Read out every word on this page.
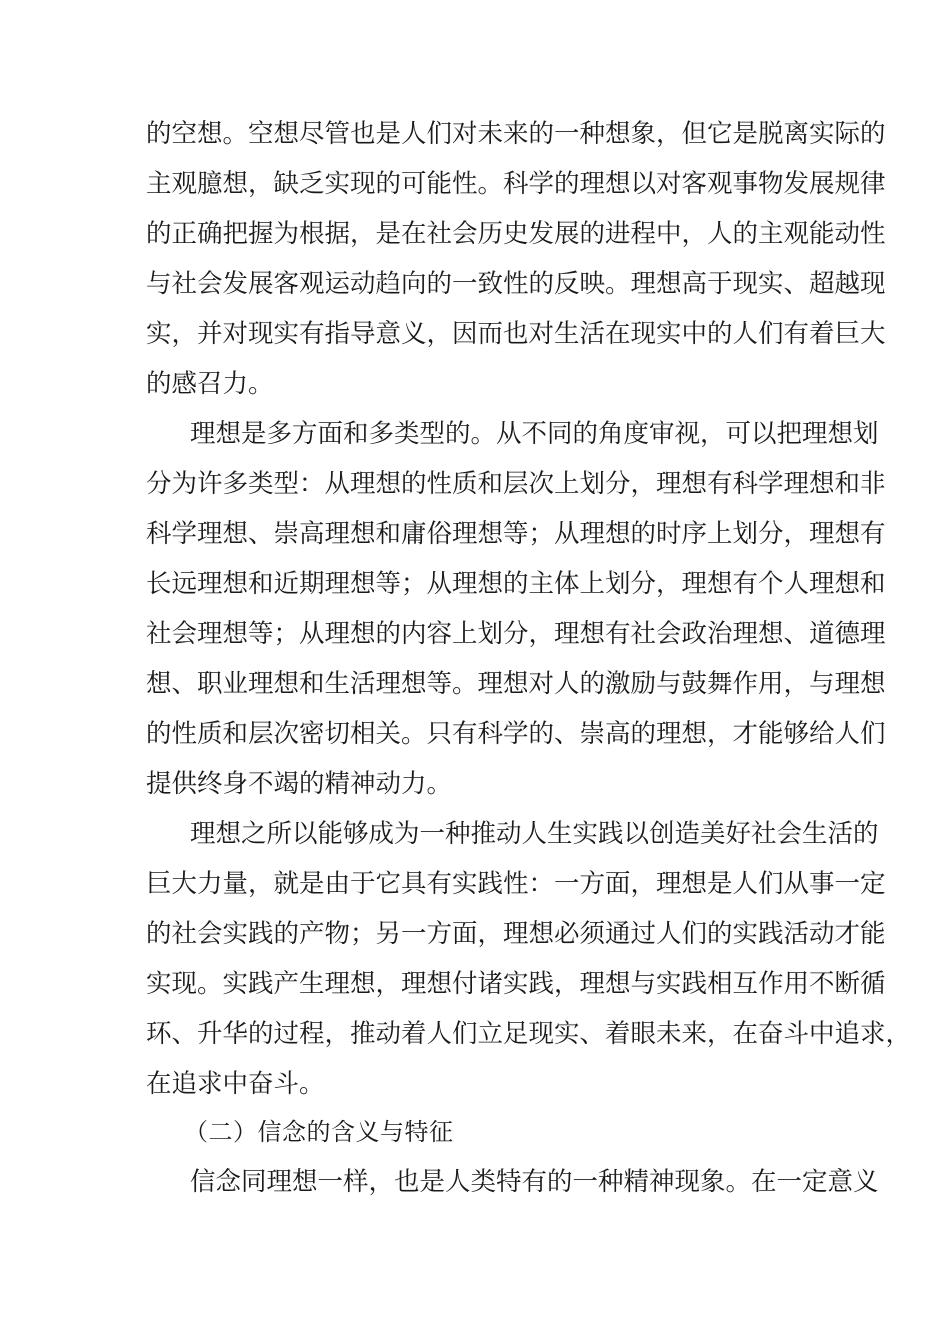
的空想。空想尽管也是人们对未来的一种想象，但它是脱离实际的
主观臆想，缺乏实现的可能性。科学的理想以对客观事物发展规律
的正确把握为根据，是在社会历史发展的进程中，人的主观能动性
与社会发展客观运动趋向的一致性的反映。理想高于现实、超越现
实，并对现实有指导意义，因而也对生活在现实中的人们有着巨大
的感召力。
理想是多方面和多类型的。从不同的角度审视，可以把理想划
分为许多类型：从理想的性质和层次上划分，理想有科学理想和非
科学理想、崇高理想和庸俗理想等；从理想的时序上划分，理想有
长远理想和近期理想等；从理想的主体上划分，理想有个人理想和
社会理想等；从理想的内容上划分，理想有社会政治理想、道德理
想、职业理想和生活理想等。理想对人的激励与鼓舞作用，与理想
的性质和层次密切相关。只有科学的、崇高的理想，才能够给人们
提供终身不竭的精神动力。
理想之所以能够成为一种推动人生实践以创造美好社会生活的
巨大力量，就是由于它具有实践性：一方面，理想是人们从事一定
的社会实践的产物；另一方面，理想必须通过人们的实践活动才能
实现。实践产生理想，理想付诸实践，理想与实践相互作用不断循
环、升华的过程，推动着人们立足现实、着眼未来，在奋斗中追求，
在追求中奋斗。
（二）信念的含义与特征
信念同理想一样，也是人类特有的一种精神现象。在一定意义
